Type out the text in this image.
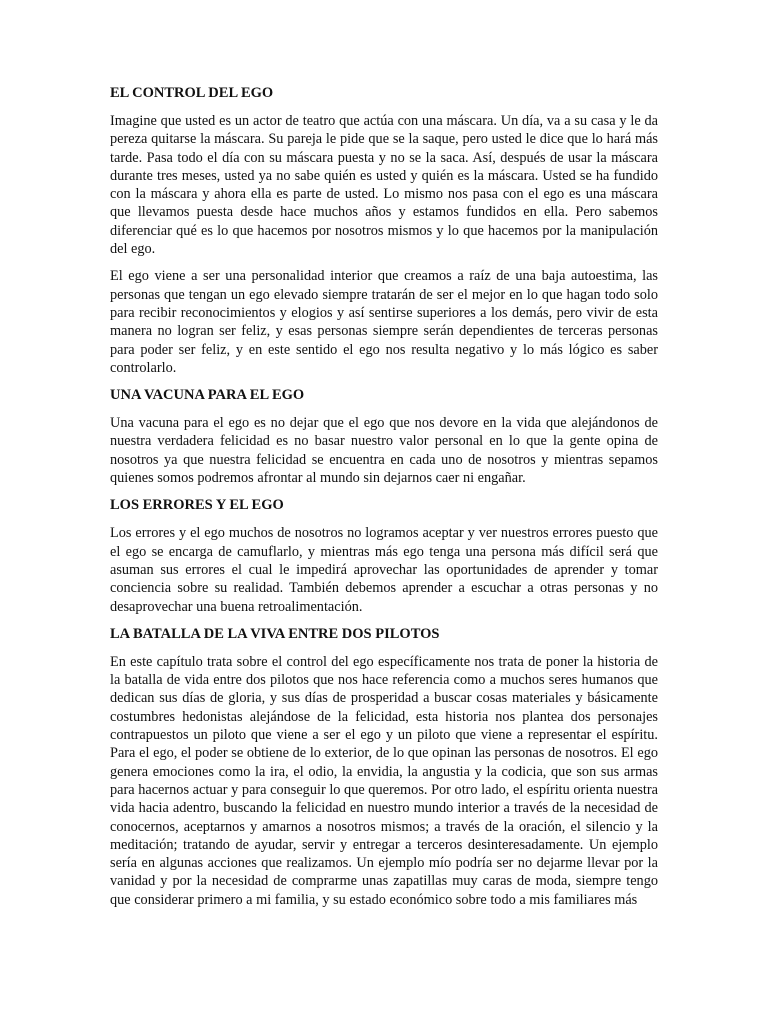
EL CONTROL DEL EGO

Imagine que usted es un actor de teatro que actúa con una máscara. Un día, va a su casa y le da pereza quitarse la máscara. Su pareja le pide que se la saque, pero usted le dice que lo hará más tarde. Pasa todo el día con su máscara puesta y no se la saca. Así, después de usar la máscara durante tres meses, usted ya no sabe quién es usted y quién es la máscara. Usted se ha fundido con la máscara y ahora ella es parte de usted. Lo mismo nos pasa con el ego es una máscara que llevamos puesta desde hace muchos años y estamos fundidos en ella. Pero sabemos diferenciar qué es lo que hacemos por nosotros mismos y lo que hacemos por la manipulación del ego.

El ego viene a ser una personalidad interior que creamos a raíz de una baja autoestima, las personas que tengan un ego elevado siempre tratarán de ser el mejor en lo que hagan todo solo para recibir reconocimientos y elogios y así sentirse superiores a los demás, pero vivir de esta manera no logran ser feliz, y esas personas siempre serán dependientes de terceras personas para poder ser feliz, y en este sentido el ego nos resulta negativo y lo más lógico es saber controlarlo.

UNA VACUNA PARA EL EGO

Una vacuna para el ego es no dejar que el ego que nos devore en la vida que alejándonos de nuestra verdadera felicidad es no basar nuestro valor personal en lo que la gente opina de nosotros ya que nuestra felicidad se encuentra en cada uno de nosotros y mientras sepamos quienes somos podremos afrontar al mundo sin dejarnos caer ni engañar.

LOS ERRORES Y EL EGO

Los errores y el ego muchos de nosotros no logramos aceptar y ver nuestros errores puesto que el ego se encarga de camuflarlo, y mientras más ego tenga una persona más difícil será que asuman sus errores el cual le impedirá aprovechar las oportunidades de aprender y tomar conciencia sobre su realidad. También debemos aprender a escuchar a otras personas y no desaprovechar una buena retroalimentación.

LA BATALLA DE LA VIVA ENTRE DOS PILOTOS

En este capítulo trata sobre el control del ego específicamente nos trata de poner la historia de la batalla de vida entre dos pilotos que nos hace referencia como a muchos seres humanos que dedican sus días de gloria, y sus días de prosperidad a buscar cosas materiales y básicamente costumbres hedonistas alejándose de la felicidad, esta historia nos plantea dos personajes contrapuestos un piloto que viene a ser el ego y un piloto que viene a representar el espíritu. Para el ego, el poder se obtiene de lo exterior, de lo que opinan las personas de nosotros. El ego genera emociones como la ira, el odio, la envidia, la angustia y la codicia, que son sus armas para hacernos actuar y para conseguir lo que queremos. Por otro lado, el espíritu orienta nuestra vida hacia adentro, buscando la felicidad en nuestro mundo interior a través de la necesidad de conocernos, aceptarnos y amarnos a nosotros mismos; a través de la oración, el silencio y la meditación; tratando de ayudar, servir y entregar a terceros desinteresadamente. Un ejemplo sería en algunas acciones que realizamos. Un ejemplo mío podría ser no dejarme llevar por la vanidad y por la necesidad de comprarme unas zapatillas muy caras de moda, siempre tengo que considerar primero a mi familia, y su estado económico sobre todo a mis familiares más
